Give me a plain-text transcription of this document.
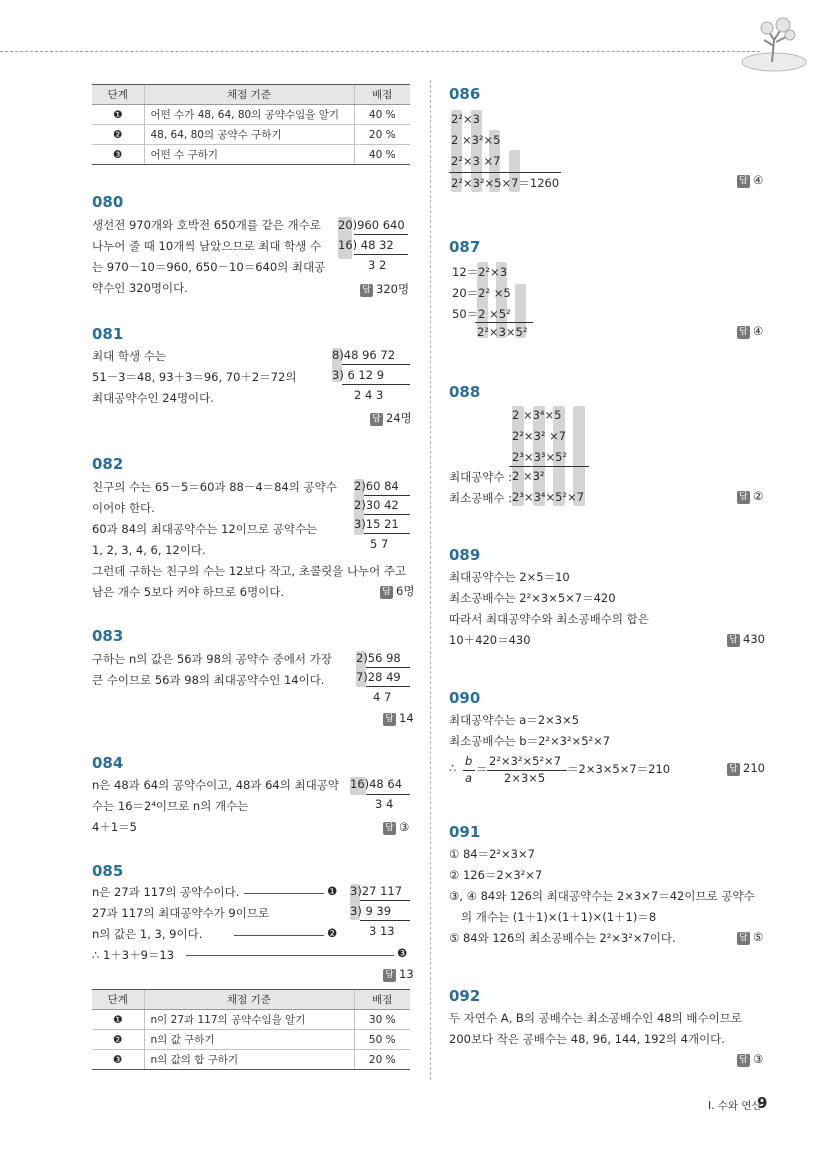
단계	채점 기준	배점
❶	어떤 수가 48, 64, 80의 공약수임을 알기	40 %
❷	48, 64, 80의 공약수 구하기	20 %
❸	어떤 수 구하기	40 %
080
생선전 970개와 호박전 650개를 같은 개수로
나누어 줄 때 10개씩 남았으므로 최대 학생 수
는 970－10＝960, 650－10＝640의 최대공
약수인 320명이다.
20)960 640
16) 48 32
3 2
답 320명
081
최대 학생 수는
51－3＝48, 93＋3＝96, 70＋2＝72의
최대공약수인 24명이다.
8)48 96 72
3) 6 12 9
2 4 3
답 24명
082
친구의 수는 65－5＝60과 88－4＝84의 공약수
이어야 한다.
60과 84의 최대공약수는 12이므로 공약수는
1, 2, 3, 4, 6, 12이다.
그런데 구하는 친구의 수는 12보다 작고, 초콜릿을 나누어 주고
남은 개수 5보다 커야 하므로 6명이다.
2)60 84
2)30 42
3)15 21
5 7
답 6명
083
구하는 n의 값은 56과 98의 공약수 중에서 가장
큰 수이므로 56과 98의 최대공약수인 14이다.
2)56 98
7)28 49
4 7
답 14
084
n은 48과 64의 공약수이고, 48과 64의 최대공약
수는 16＝2⁴이므로 n의 개수는
4＋1＝5
16)48 64
3 4
답 ③
085
n은 27과 117의 공약수이다.
27과 117의 최대공약수가 9이므로
n의 값은 1, 3, 9이다.
∴ 1＋3＋9＝13
❶
❷
❸
3)27 117
3) 9 39
3 13
답 13
단계	채점 기준	배점
❶	n이 27과 117의 공약수임을 알기	30 %
❷	n의 값 구하기	50 %
❸	n의 값의 합 구하기	20 %
086
2²×3
2 ×3²×5
2²×3 ×7
2²×3²×5×7＝1260	답 ④
087
12＝2²×3
20＝2² ×5
50＝2 ×5²
2²×3×5²	답 ④
088
2 ×3⁴×5
2²×3² ×7
2³×3³×5²
최대공약수 : 2 ×3²
최소공배수 : 2³×3⁴×5²×7	답 ②
089
최대공약수는 2×5＝10
최소공배수는 2²×3×5×7＝420
따라서 최대공약수와 최소공배수의 합은
10＋420＝430	답 430
090
최대공약수는 a＝2×3×5
최소공배수는 b＝2²×3²×5²×7
∴ b
a
＝
2²×3²×5²×7
2×3×5
＝2×3×5×7＝210	답 210
091
① 84＝2²×3×7
② 126＝2×3²×7
③, ④ 84와 126의 최대공약수는 2×3×7＝42이므로 공약수
의 개수는 (1＋1)×(1＋1)×(1＋1)＝8
⑤ 84와 126의 최소공배수는 2²×3²×7이다.	답 ⑤
092
두 자연수 A, B의 공배수는 최소공배수인 48의 배수이므로
200보다 작은 공배수는 48, 96, 144, 192의 4개이다.
답 ③
I. 수와 연산
9
